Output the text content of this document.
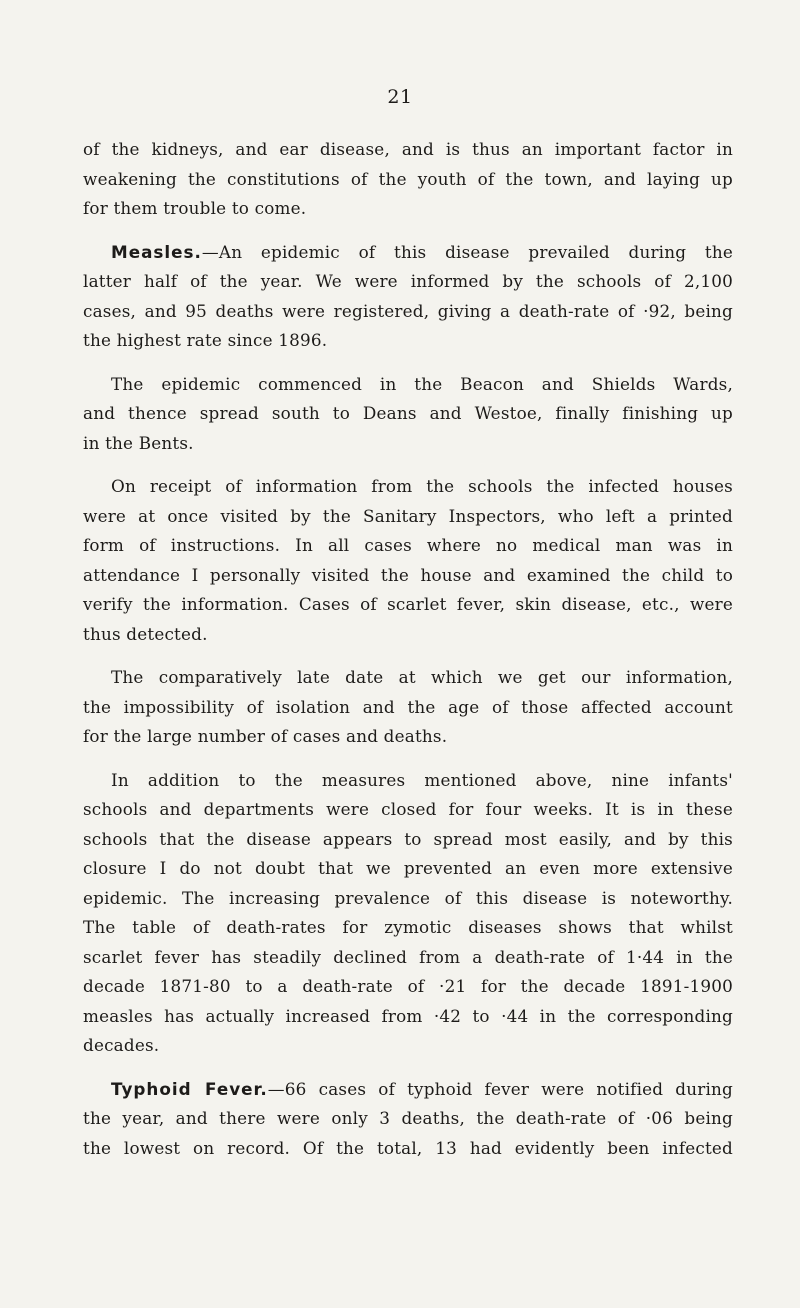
21
of the kidneys, and ear disease, and is thus an important factor in
weakening the constitutions of the youth of the town, and laying up
for them trouble to come.
Measles.—An epidemic of this disease prevailed during the
latter half of the year. We were informed by the schools of 2,100
cases, and 95 deaths were registered, giving a death-rate of ·92, being
the highest rate since 1896.
The epidemic commenced in the Beacon and Shields Wards,
and thence spread south to Deans and Westoe, finally finishing up
in the Bents.
On receipt of information from the schools the infected houses
were at once visited by the Sanitary Inspectors, who left a printed
form of instructions. In all cases where no medical man was in
attendance I personally visited the house and examined the child to
verify the information. Cases of scarlet fever, skin disease, etc., were
thus detected.
The comparatively late date at which we get our information,
the impossibility of isolation and the age of those affected account
for the large number of cases and deaths.
In addition to the measures mentioned above, nine infants'
schools and departments were closed for four weeks. It is in these
schools that the disease appears to spread most easily, and by this
closure I do not doubt that we prevented an even more extensive
epidemic. The increasing prevalence of this disease is noteworthy.
The table of death-rates for zymotic diseases shows that whilst
scarlet fever has steadily declined from a death-rate of 1·44 in the
decade 1871-80 to a death-rate of ·21 for the decade 1891-1900
measles has actually increased from ·42 to ·44 in the corresponding
decades.
Typhoid Fever.—66 cases of typhoid fever were notified during
the year, and there were only 3 deaths, the death-rate of ·06 being
the lowest on record. Of the total, 13 had evidently been infected
